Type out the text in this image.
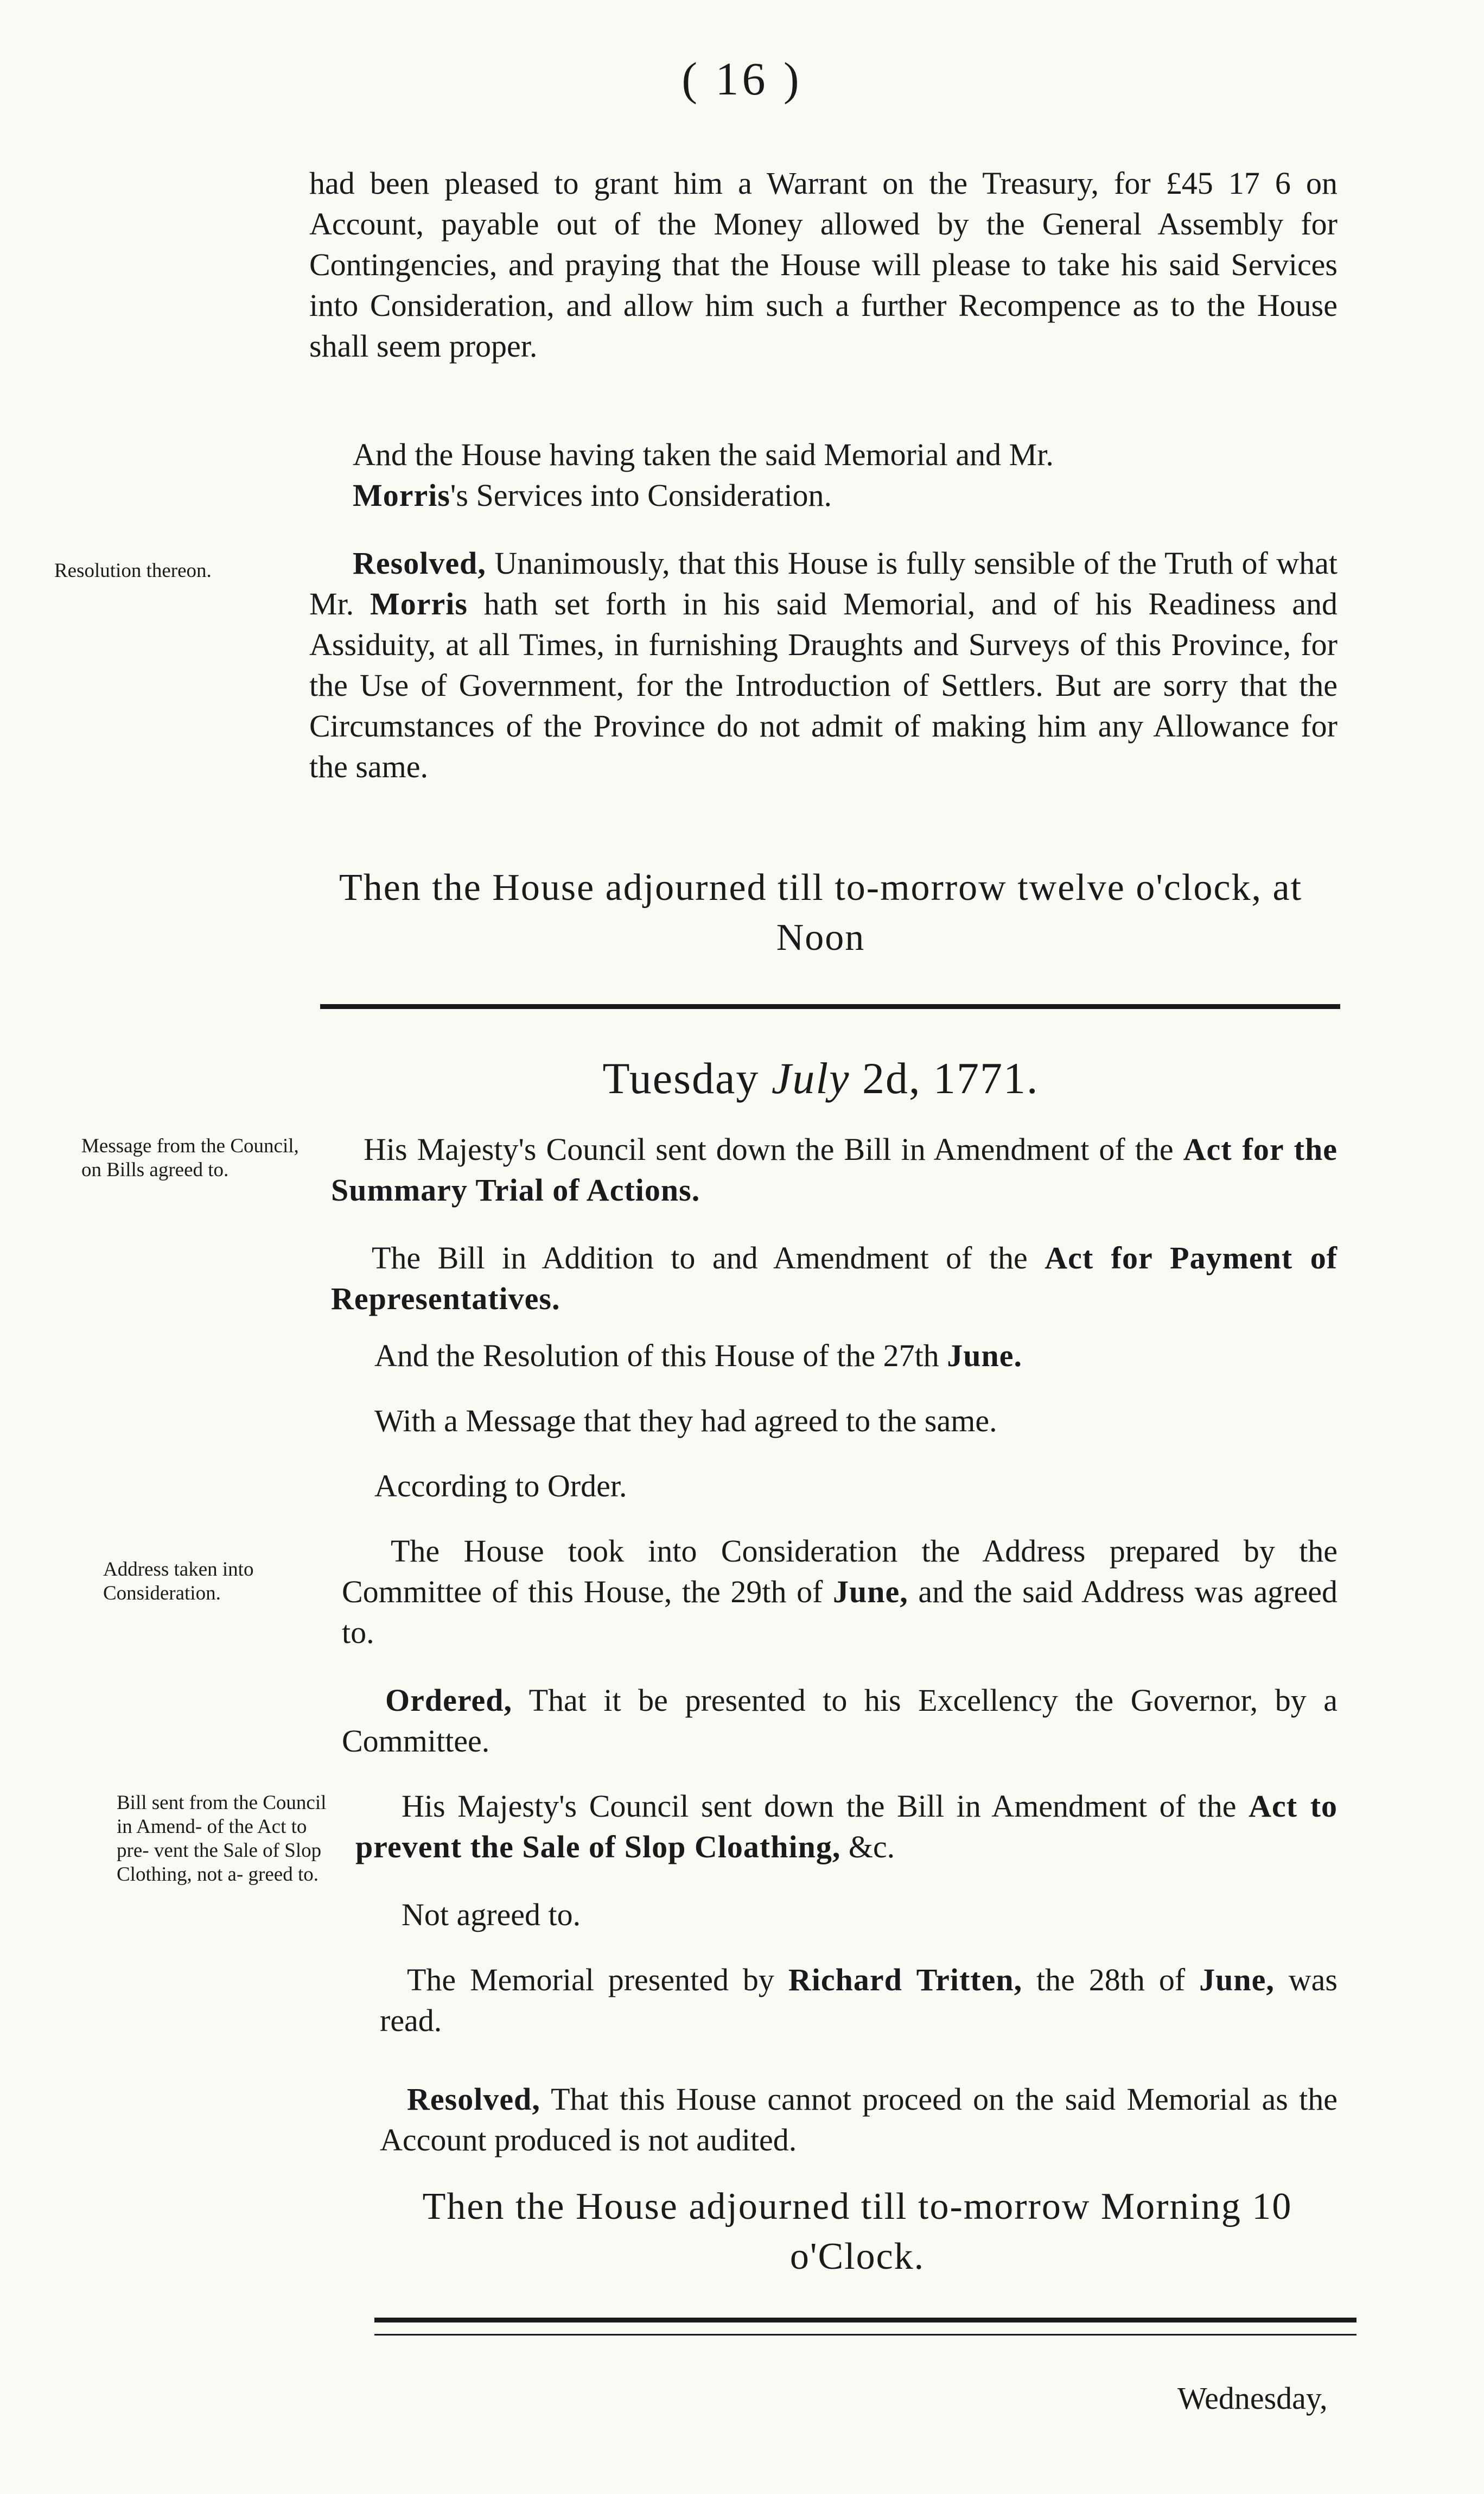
( 16 )

had been pleased to grant him a Warrant on the Treasury, for £45 17 6 on Account, payable out of the Money allowed by the General Assembly for Contingencies, and praying that the House will please to take his said Services into Consideration, and allow him such a further Recompence as to the House shall seem proper.

And the House having taken the said Memorial and Mr.
Morris's Services into Consideration.

Resolution thereon.	Resolved, Unanimously, that this House is fully sensible of the Truth of what Mr. Morris hath set forth in his said Memorial, and of his Readiness and Assiduity, at all Times, in furnishing Draughts and Surveys of this Province, for the Use of Government, for the Introduction of Settlers. But are sorry that the Circumstances of the Province do not admit of making him any Allowance for the same.

Then the House adjourned till to-morrow twelve o'clock, at Noon

Tuesday July 2d, 1771.

Message from the Council, on Bills agreed to.

His Majesty's Council sent down the Bill in Amendment of the Act for the Summary Trial of Actions.

The Bill in Addition to and Amendment of the Act for Payment of Representatives.

And the Resolution of this House of the 27th June.

With a Message that they had agreed to the same.

According to Order.

Address taken into Consideration.

The House took into Consideration the Address prepared by the Committee of this House, the 29th of June, and the said Address was agreed to.

Ordered, That it be presented to his Excellency the Governor, by a Committee.

Bill sent from the Council in Amend- of the Act to pre- vent the Sale of Slop Clothing, not a- greed to.

His Majesty's Council sent down the Bill in Amendment of the Act to prevent the Sale of Slop Cloathing, &c.

Not agreed to.

The Memorial presented by Richard Tritten, the 28th of June, was read.

Resolved, That this House cannot proceed on the said Memorial as the Account produced is not audited.

Then the House adjourned till to-morrow Morning 10 o'Clock.

Wednesday,
